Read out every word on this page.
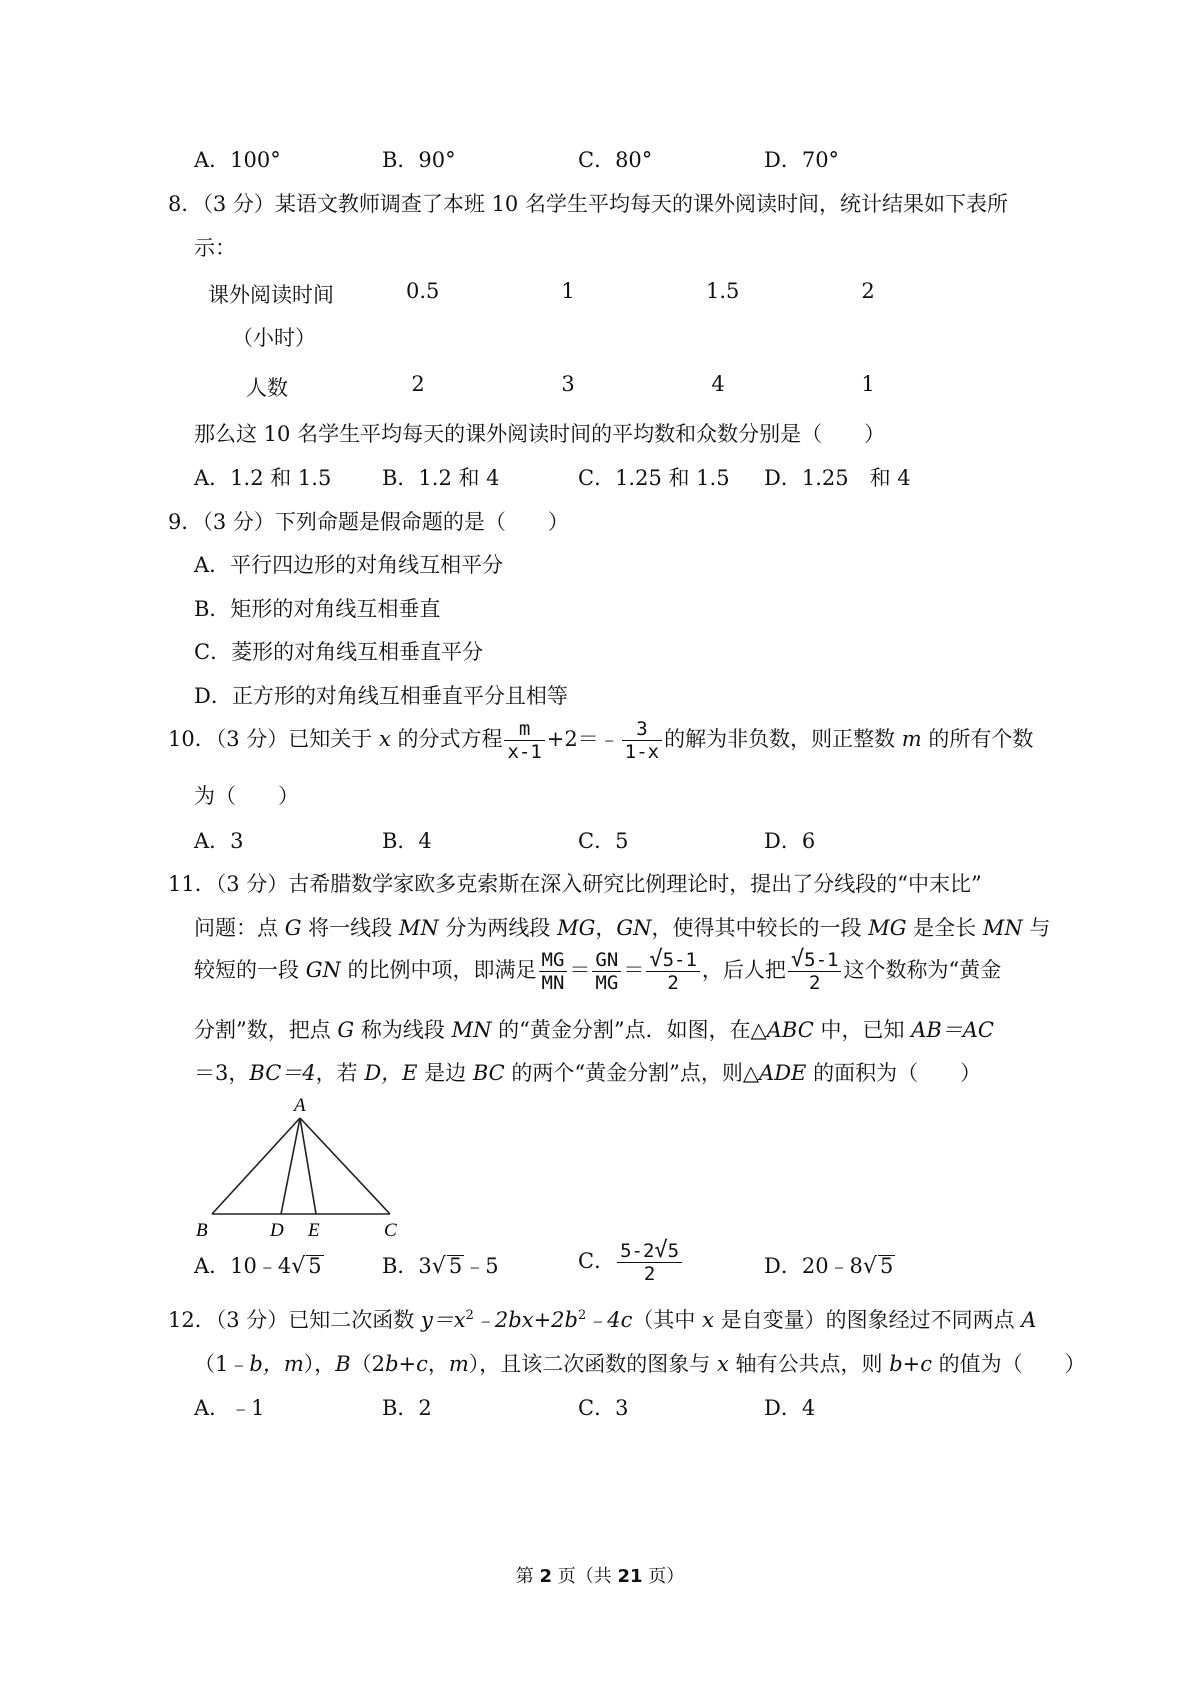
A．100°	B．90°	C．80°	D．70°
8．（3 分）某语文教师调查了本班 10 名学生平均每天的课外阅读时间，统计结果如下表所
示：
课外阅读时间
（小时）
0.5	1	1.5	2
人数	2	3	4	1
那么这 10 名学生平均每天的课外阅读时间的平均数和众数分别是（　　）
A．1.2 和 1.5 B．1.2 和 4	C．1.25 和 1.5 D．1.25　和 4
9．（3 分）下列命题是假命题的是（　　）
A．平行四边形的对角线互相平分
B．矩形的对角线互相垂直
C．菱形的对角线互相垂直平分
D．正方形的对角线互相垂直平分且相等
10．（3 分）已知关于 x 的分式方程 $\frac{m}{x-1}$ +2＝﹣ $\frac{3}{1-x}$ 的解为非负数，则正整数 m 的所有个数
为（　　）
A．3	B．4	C．5	D．6
11．（3 分）古希腊数学家欧多克索斯在深入研究比例理论时，提出了分线段的“中末比”
问题：点 G 将一线段 MN 分为两线段 MG，GN，使得其中较长的一段 MG 是全长 MN 与
较短的一段 GN 的比例中项，即满足 $\frac{MG}{MN} = \frac{GN}{MG} = \frac{√5-1}{2}$ ，后人把 $\frac{√5-1}{2}$ 这个数称为“黄金
分割”数，把点 G 称为线段 MN 的“黄金分割”点．如图，在△ABC 中，已知 AB＝AC
＝3，BC＝4，若 D，E 是边 BC 的两个“黄金分割”点，则△ADE 的面积为（　　）
A
B	D E	C
A．10﹣4√ 5	B．3√ 5﹣5	C． $\frac{5-2√5}{2}$	D．20﹣8√ 5
12．（3 分）已知二次函数 $y=x^2﹣2bx+2b^2﹣4c$（其中 x 是自变量）的图象经过不同两点 A
（1﹣b，m），B（2b+c，m），且该二次函数的图象与 x 轴有公共点，则 b+c 的值为（　　）
A．﹣1	B．2	C．3	D．4
第 2 页（共 21 页）
